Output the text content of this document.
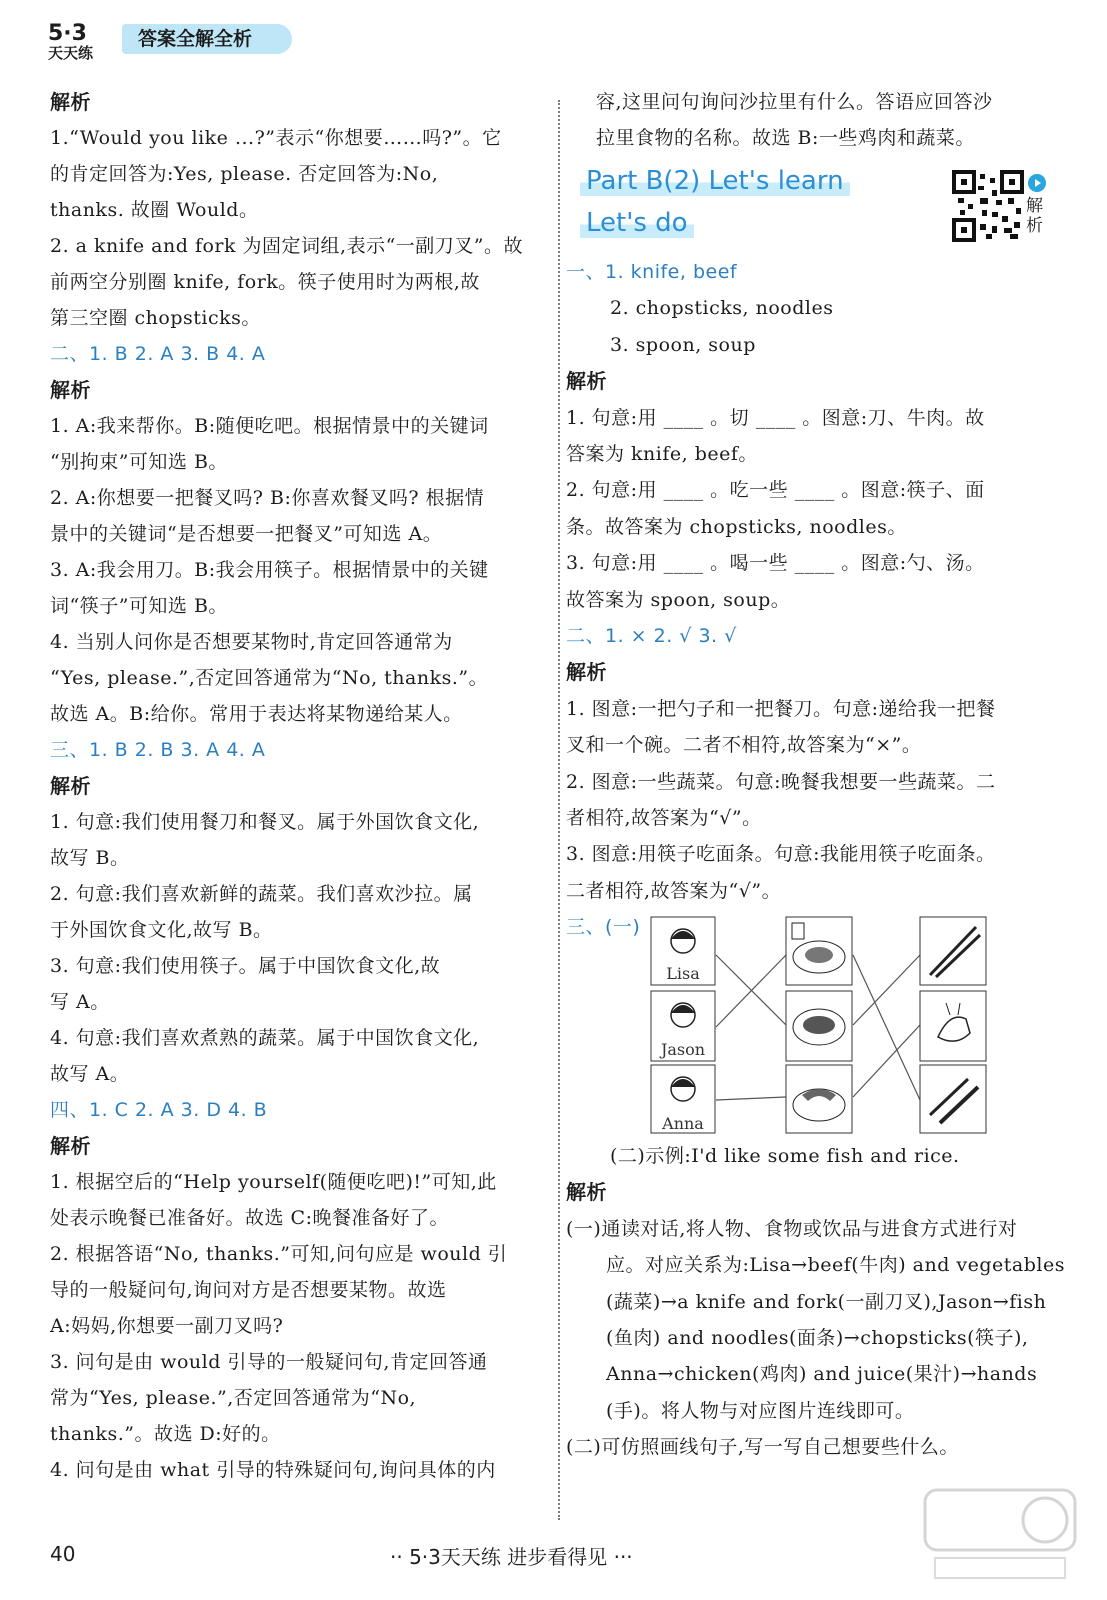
5·3
天天练
答案全解全析
解析
1.“Would you like ...?”表示“你想要……吗?”。它
的肯定回答为:Yes, please. 否定回答为:No,
thanks. 故圈 Would。
2. a knife and fork 为固定词组,表示“一副刀叉”。故
前两空分别圈 knife, fork。筷子使用时为两根,故
第三空圈 chopsticks。
二、1. B 2. A 3. B 4. A
解析
1. A:我来帮你。B:随便吃吧。根据情景中的关键词
“别拘束”可知选 B。
2. A:你想要一把餐叉吗? B:你喜欢餐叉吗? 根据情
景中的关键词“是否想要一把餐叉”可知选 A。
3. A:我会用刀。B:我会用筷子。根据情景中的关键
词“筷子”可知选 B。
4. 当别人问你是否想要某物时,肯定回答通常为
“Yes, please.”,否定回答通常为“No, thanks.”。
故选 A。B:给你。常用于表达将某物递给某人。
三、1. B 2. B 3. A 4. A
解析
1. 句意:我们使用餐刀和餐叉。属于外国饮食文化,
故写 B。
2. 句意:我们喜欢新鲜的蔬菜。我们喜欢沙拉。属
于外国饮食文化,故写 B。
3. 句意:我们使用筷子。属于中国饮食文化,故
写 A。
4. 句意:我们喜欢煮熟的蔬菜。属于中国饮食文化,
故写 A。
四、1. C 2. A 3. D 4. B
解析
1. 根据空后的“Help yourself(随便吃吧)!”可知,此
处表示晚餐已准备好。故选 C:晚餐准备好了。
2. 根据答语“No, thanks.”可知,问句应是 would 引
导的一般疑问句,询问对方是否想要某物。故选
A:妈妈,你想要一副刀叉吗?
3. 问句是由 would 引导的一般疑问句,肯定回答通
常为“Yes, please.”,否定回答通常为“No,
thanks.”。故选 D:好的。
4. 问句是由 what 引导的特殊疑问句,询问具体的内
容,这里问句询问沙拉里有什么。答语应回答沙
拉里食物的名称。故选 B:一些鸡肉和蔬菜。
Part B(2) Let's learn
Let's do
解析
一、1. knife, beef
2. chopsticks, noodles
3. spoon, soup
解析
1. 句意:用 ____ 。切 ____ 。图意:刀、牛肉。故
答案为 knife, beef。
2. 句意:用 ____ 。吃一些 ____ 。图意:筷子、面
条。故答案为 chopsticks, noodles。
3. 句意:用 ____ 。喝一些 ____ 。图意:勺、汤。
故答案为 spoon, soup。
二、1. × 2. √ 3. √
解析
1. 图意:一把勺子和一把餐刀。句意:递给我一把餐
叉和一个碗。二者不相符,故答案为“×”。
2. 图意:一些蔬菜。句意:晚餐我想要一些蔬菜。二
者相符,故答案为“√”。
3. 图意:用筷子吃面条。句意:我能用筷子吃面条。
二者相符,故答案为“√”。
三、(一)
Lisa
Jason
Anna
(二)示例:I'd like some fish and rice.
解析
(一)通读对话,将人物、食物或饮品与进食方式进行对
应。对应关系为:Lisa→beef(牛肉) and vegetables
(蔬菜)→a knife and fork(一副刀叉),Jason→fish
(鱼肉) and noodles(面条)→chopsticks(筷子),
Anna→chicken(鸡肉) and juice(果汁)→hands
(手)。将人物与对应图片连线即可。
(二)可仿照画线句子,写一写自己想要些什么。
40	·· 5·3天天练 进步看得见 ···
